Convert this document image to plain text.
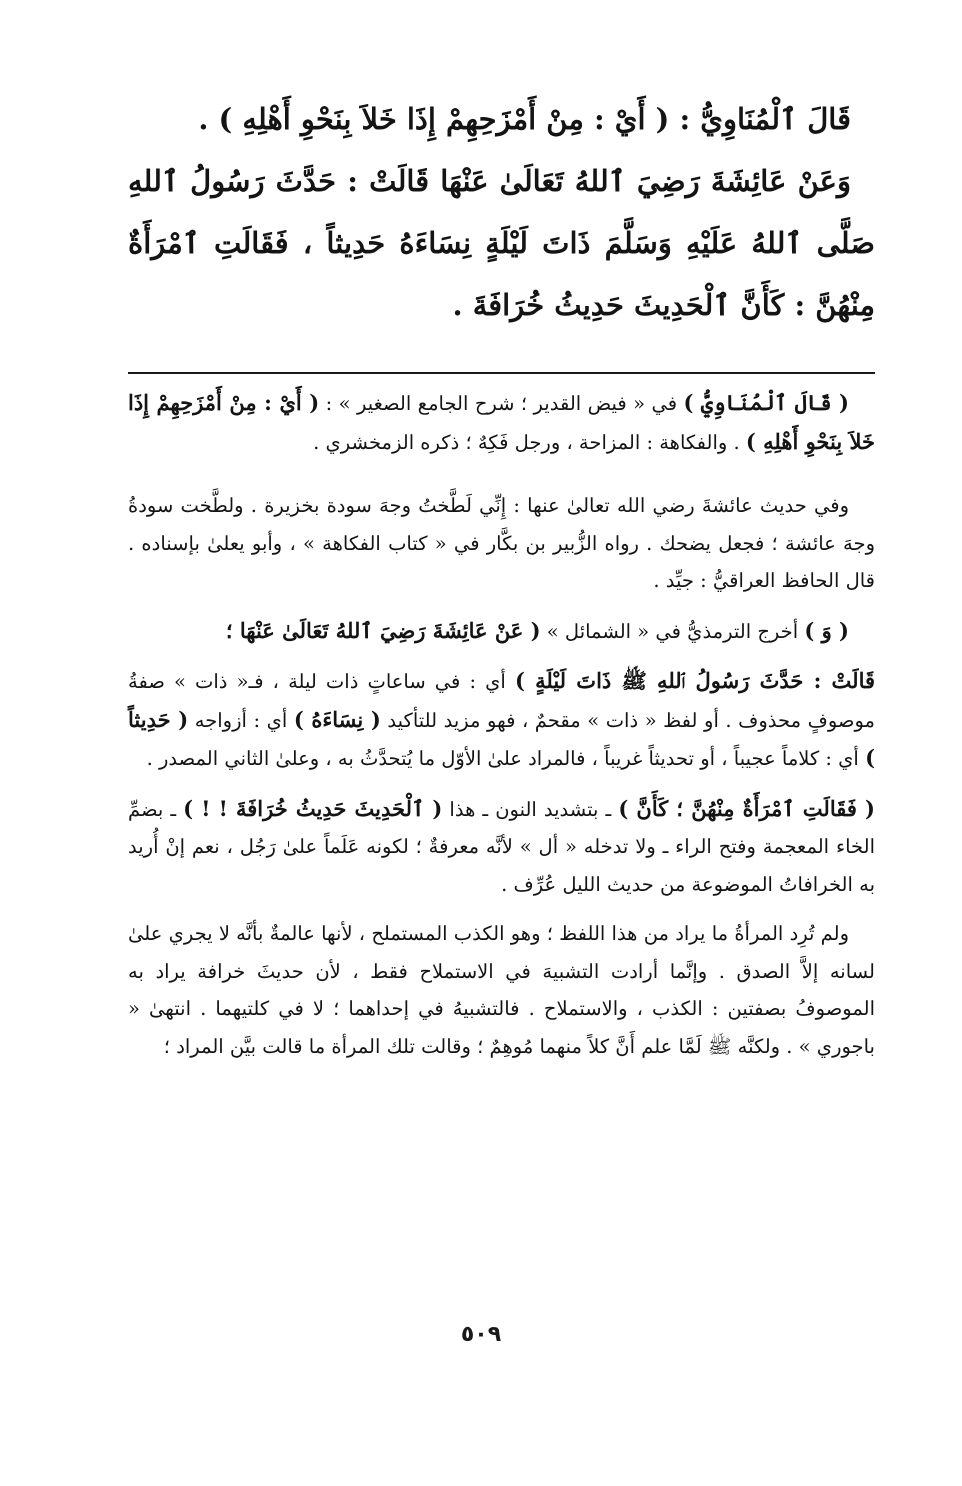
قَالَ ٱلْمُنَاوِيُّ : ( أَيْ : مِنْ أَمْزَحِهِمْ إِذَا خَلاَ بِنَحْوِ أَهْلِهِ ) .

وَعَنْ عَائِشَةَ رَضِيَ ٱللهُ تَعَالَىٰ عَنْهَا قَالَتْ : حَدَّثَ رَسُولُ ٱللهِ صَلَّى ٱللهُ عَلَيْهِ وَسَلَّمَ ذَاتَ لَيْلَةٍ نِسَاءَهُ حَدِيثاً ، فَقَالَتِ ٱمْرَأَةٌ مِنْهُنَّ : كَأَنَّ ٱلْحَدِيثَ حَدِيثُ خُرَافَةَ .

( قَالَ ٱلْمُنَاوِيُّ ) في « فيض القدير ؛ شرح الجامع الصغير » : ( أَيْ : مِنْ أَمْزَحِهِمْ إِذَا خَلاَ بِنَحْوِ أَهْلِهِ ) . والفكاهة : المزاحة ، ورجل فَكِهٌ ؛ ذكره الزمخشري .

وفي حديث عائشةَ رضي الله تعالىٰ عنها : إِنِّي لَطَّختُ وجهَ سودة بخزيرة . ولطَّخت سودةُ وجهَ عائشة ؛ فجعل يضحك . رواه الزُّبير بن بكَّار في « كتاب الفكاهة » ، وأبو يعلىٰ بإسناده . قال الحافظ العراقيُّ : جيِّد .

( وَ ) أخرج الترمذيُّ في « الشمائل » ( عَنْ عَائِشَةَ رَضِيَ ٱللهُ تَعَالَىٰ عَنْهَا ؛

قَالَتْ : حَدَّثَ رَسُولُ ٱللهِ ﷺ ذَاتَ لَيْلَةٍ ) أي : في ساعاتٍ ذات ليلة ، فـ« ذات » صفةُ موصوفٍ محذوف . أو لفظ « ذات » مقحمٌ ، فهو مزيد للتأكيد ( نِسَاءَهُ ) أي : أزواجه ( حَدِيثاً ) أي : كلاماً عجيباً ، أو تحديثاً غريباً ، فالمراد علىٰ الأوّل ما يُتحدَّثُ به ، وعلىٰ الثاني المصدر .

( فَقَالَتِ ٱمْرَأَةٌ مِنْهُنَّ ؛ كَأَنَّ ) ـ بتشديد النون ـ هذا ( ٱلْحَدِيثَ حَدِيثُ خُرَافَةَ ! ! ) ـ بضمِّ الخاء المعجمة وفتح الراء ـ ولا تدخله « أل » لأنَّه معرفةٌ ؛ لكونه عَلَماً علىٰ رَجُل ، نعم إنْ أُريد به الخرافاتُ الموضوعة من حديث الليل عُرِّف .

ولم تُرِد المرأةُ ما يراد من هذا اللفظ ؛ وهو الكذب المستملح ، لأنها عالمةٌ بأنَّه لا يجري علىٰ لسانه إلاَّ الصدق . وإنَّما أرادت التشبيهَ في الاستملاح فقط ، لأن حديثَ خرافة يراد به الموصوفُ بصفتين : الكذب ، والاستملاح . فالتشبيهُ في إحداهما ؛ لا في كلتيهما . انتهىٰ « باجوري » . ولكنَّه ﷺ لَمَّا علم أَنَّ كلاً منهما مُوهِمٌ ؛ وقالت تلك المرأة ما قالت بيَّن المراد ؛

٥٠٩
